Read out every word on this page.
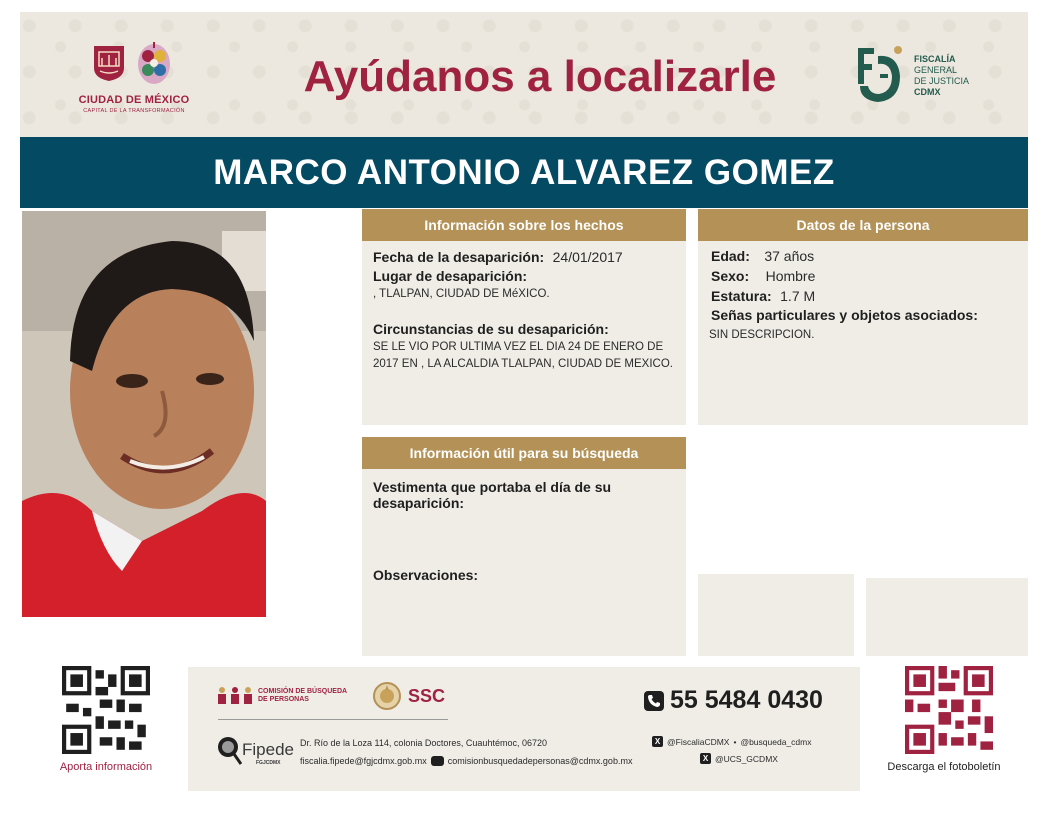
CIUDAD DE MÉXICO
CAPITAL DE LA TRANSFORMACIÓN
Ayúdanos a localizarle	FISCALÍA
GENERAL
DE JUSTICIA
CDMX
MARCO ANTONIO ALVAREZ GOMEZ
Información sobre los hechos
Fecha de la desaparición: 24/01/2017
Lugar de desaparición:
, TLALPAN, CIUDAD DE MéXICO.
Circunstancias de su desaparición:
SE LE VIO POR ULTIMA VEZ EL DIA 24 DE ENERO DE 2017 EN , LA ALCALDIA TLALPAN, CIUDAD DE MEXICO.
Datos de la persona
Edad: 37 años
Sexo: Hombre
Estatura: 1.7 M
Señas particulares y objetos asociados:
SIN DESCRIPCION.
Información útil para su búsqueda
Vestimenta que portaba el día de su desaparición:
Observaciones:
Aporta información
COMISIÓN DE BÚSQUEDA
DE PERSONAS	SSC	55 5484 0430
Fipede
FGJCDMX
Dr. Río de la Loza 114, colonia Doctores, Cuauhtémoc, 06720
fiscalia.fipede@fgjcdmx.gob.mx comisionbusquedadepersonas@cdmx.gob.mx
X @FiscaliaCDMX • @busqueda_cdmx
X @UCS_GCDMX
Descarga el fotoboletín
